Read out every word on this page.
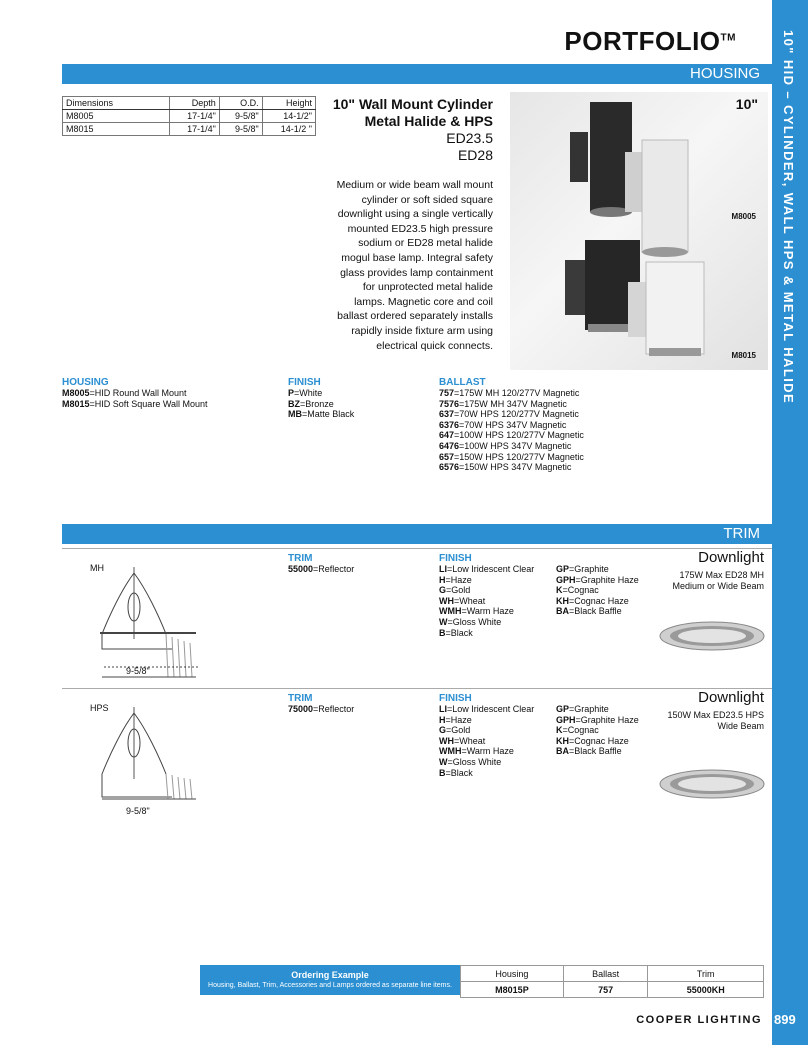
10" HID – CYLINDER, WALL HPS & METAL HALIDE
899
PORTFOLIO™
HOUSING
Dimensions	Depth	O.D.	Height
M8005	17-1/4"	9-5/8"	14-1/2"
M8015	17-1/4"	9-5/8"	14-1/2 "
10" Wall Mount Cylinder Metal Halide & HPS
ED23.5
ED28
Medium or wide beam wall mount cylinder or soft sided square downlight using a single vertically mounted ED23.5 high pressure sodium or ED28 metal halide mogul base lamp. Integral safety glass provides lamp containment for unprotected metal halide lamps. Magnetic core and coil ballast ordered separately installs rapidly inside fixture arm using electrical quick connects.
10"
M8005
M8015
HOUSING
M8005=HID Round Wall Mount
M8015=HID Soft Square Wall Mount
FINISH
P=White
BZ=Bronze
MB=Matte Black
BALLAST
757=175W MH 120/277V Magnetic
7576=175W MH 347V Magnetic
637=70W HPS 120/277V Magnetic
6376=70W HPS 347V Magnetic
647=100W HPS 120/277V Magnetic
6476=100W HPS 347V Magnetic
657=150W HPS 120/277V Magnetic
6576=150W HPS 347V Magnetic
TRIM
MH
9-5/8"
TRIM
55000=Reflector
FINISH
LI=Low Iridescent Clear
H=Haze
G=Gold
WH=Wheat
WMH=Warm Haze
W=Gloss White
B=Black
GP=Graphite
GPH=Graphite Haze
K=Cognac
KH=Cognac Haze
BA=Black Baffle
Downlight
175W Max ED28 MH
Medium or Wide Beam
HPS
9-5/8"
TRIM
75000=Reflector
FINISH
LI=Low Iridescent Clear
H=Haze
G=Gold
WH=Wheat
WMH=Warm Haze
W=Gloss White
B=Black
GP=Graphite
GPH=Graphite Haze
K=Cognac
KH=Cognac Haze
BA=Black Baffle
Downlight
150W Max ED23.5 HPS
Wide Beam
Ordering Example
Housing, Ballast, Trim, Accessories and Lamps ordered as separate line items.
Housing	Ballast	Trim
M8015P	757	55000KH
COOPER LIGHTING
